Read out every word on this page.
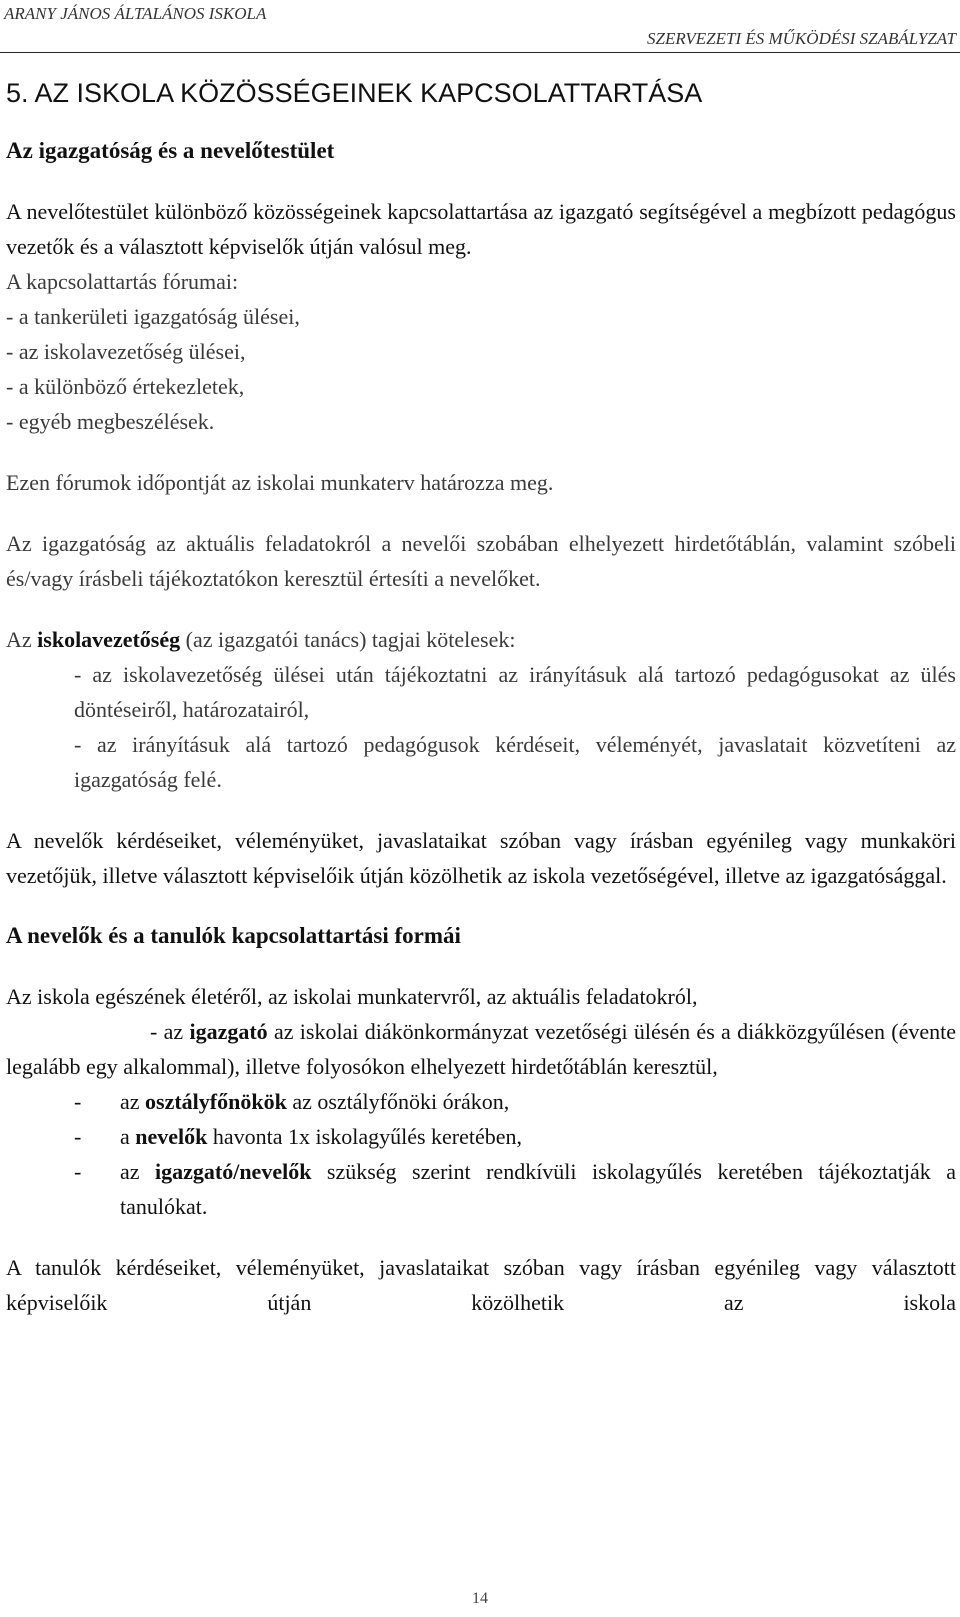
ARANY JÁNOS ÁLTALÁNOS ISKOLA
SZERVEZETI ÉS MŰKÖDÉSI SZABÁLYZAT
5. AZ ISKOLA KÖZÖSSÉGEINEK KAPCSOLATTARTÁSA
Az igazgatóság és a nevelőtestület

A nevelőtestület különböző közösségeinek kapcsolattartása az igazgató segítségével a megbízott pedagógus vezetők és a választott képviselők útján valósul meg.

A kapcsolattartás fórumai:
- a tankerületi igazgatóság ülései,
- az iskolavezetőség ülései,
- a különböző értekezletek,
- egyéb megbeszélések.

Ezen fórumok időpontját az iskolai munkaterv határozza meg.

Az igazgatóság az aktuális feladatokról a nevelői szobában elhelyezett hirdetőtáblán, valamint szóbeli és/vagy írásbeli tájékoztatókon keresztül értesíti a nevelőket.

Az iskolavezetőség (az igazgatói tanács) tagjai kötelesek:
- az iskolavezetőség ülései után tájékoztatni az irányításuk alá tartozó pedagógusokat az ülés döntéseiről, határozatairól,
- az irányításuk alá tartozó pedagógusok kérdéseit, véleményét, javaslatait közvetíteni az igazgatóság felé.

A nevelők kérdéseiket, véleményüket, javaslataikat szóban vagy írásban egyénileg vagy munkaköri vezetőjük, illetve választott képviselőik útján közölhetik az iskola vezetőségével, illetve az igazgatósággal.

A nevelők és a tanulók kapcsolattartási formái
Az iskola egészének életéről, az iskolai munkatervről, az aktuális feladatokról,
- az igazgató az iskolai diákönkormányzat vezetőségi ülésén és a diákközgyűlésen (évente legalább egy alkalommal), illetve folyosókon elhelyezett hirdetőtáblán keresztül,
-	az osztályfőnökök az osztályfőnöki órákon,
-	a nevelők havonta 1x iskolagyűlés keretében,
-	az igazgató/nevelők szükség szerint rendkívüli iskolagyűlés keretében tájékoztatják a tanulókat.

A tanulók kérdéseiket, véleményüket, javaslataikat szóban vagy írásban egyénileg vagy választott képviselőik útján közölhetik az iskola

14
